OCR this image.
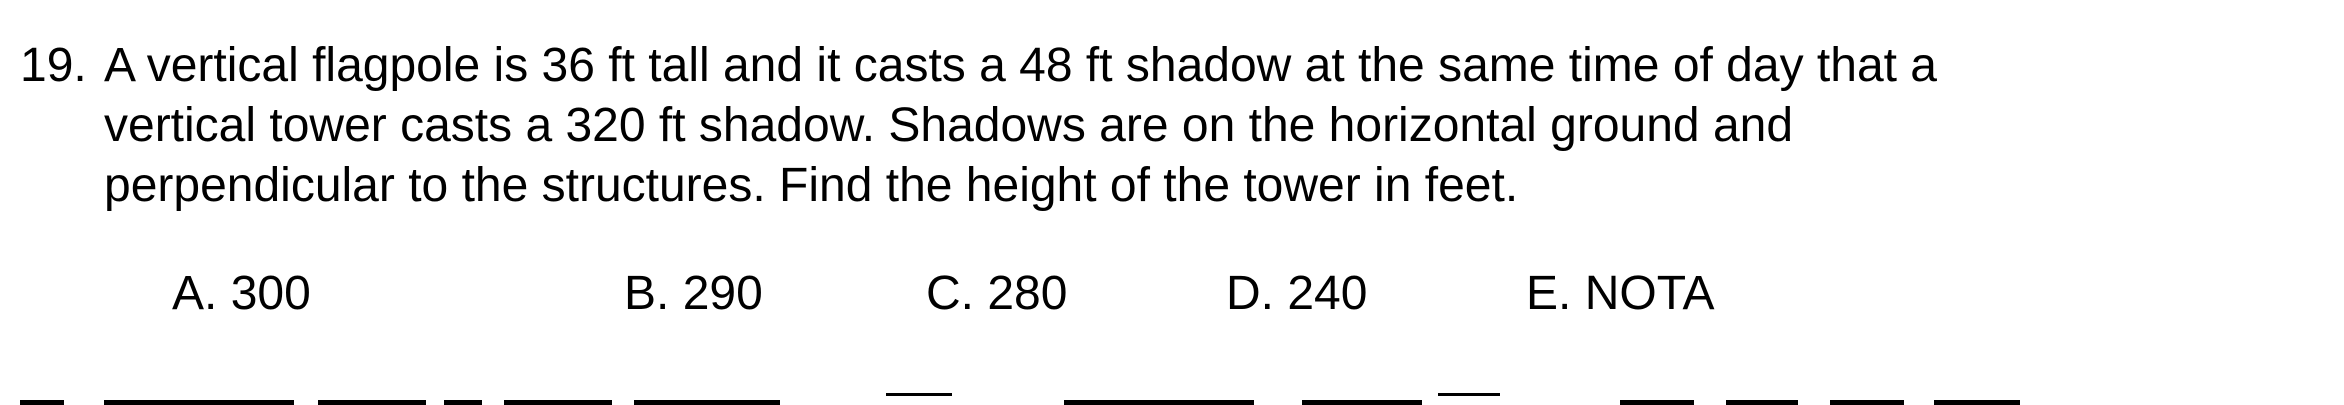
19. A vertical flagpole is 36 ft tall and it casts a 48 ft shadow at the same time of day that a
vertical tower casts a 320 ft shadow. Shadows are on the horizontal ground and
perpendicular to the structures. Find the height of the tower in feet.
A. 300	B. 290	C. 280	D. 240	E. NOTA
